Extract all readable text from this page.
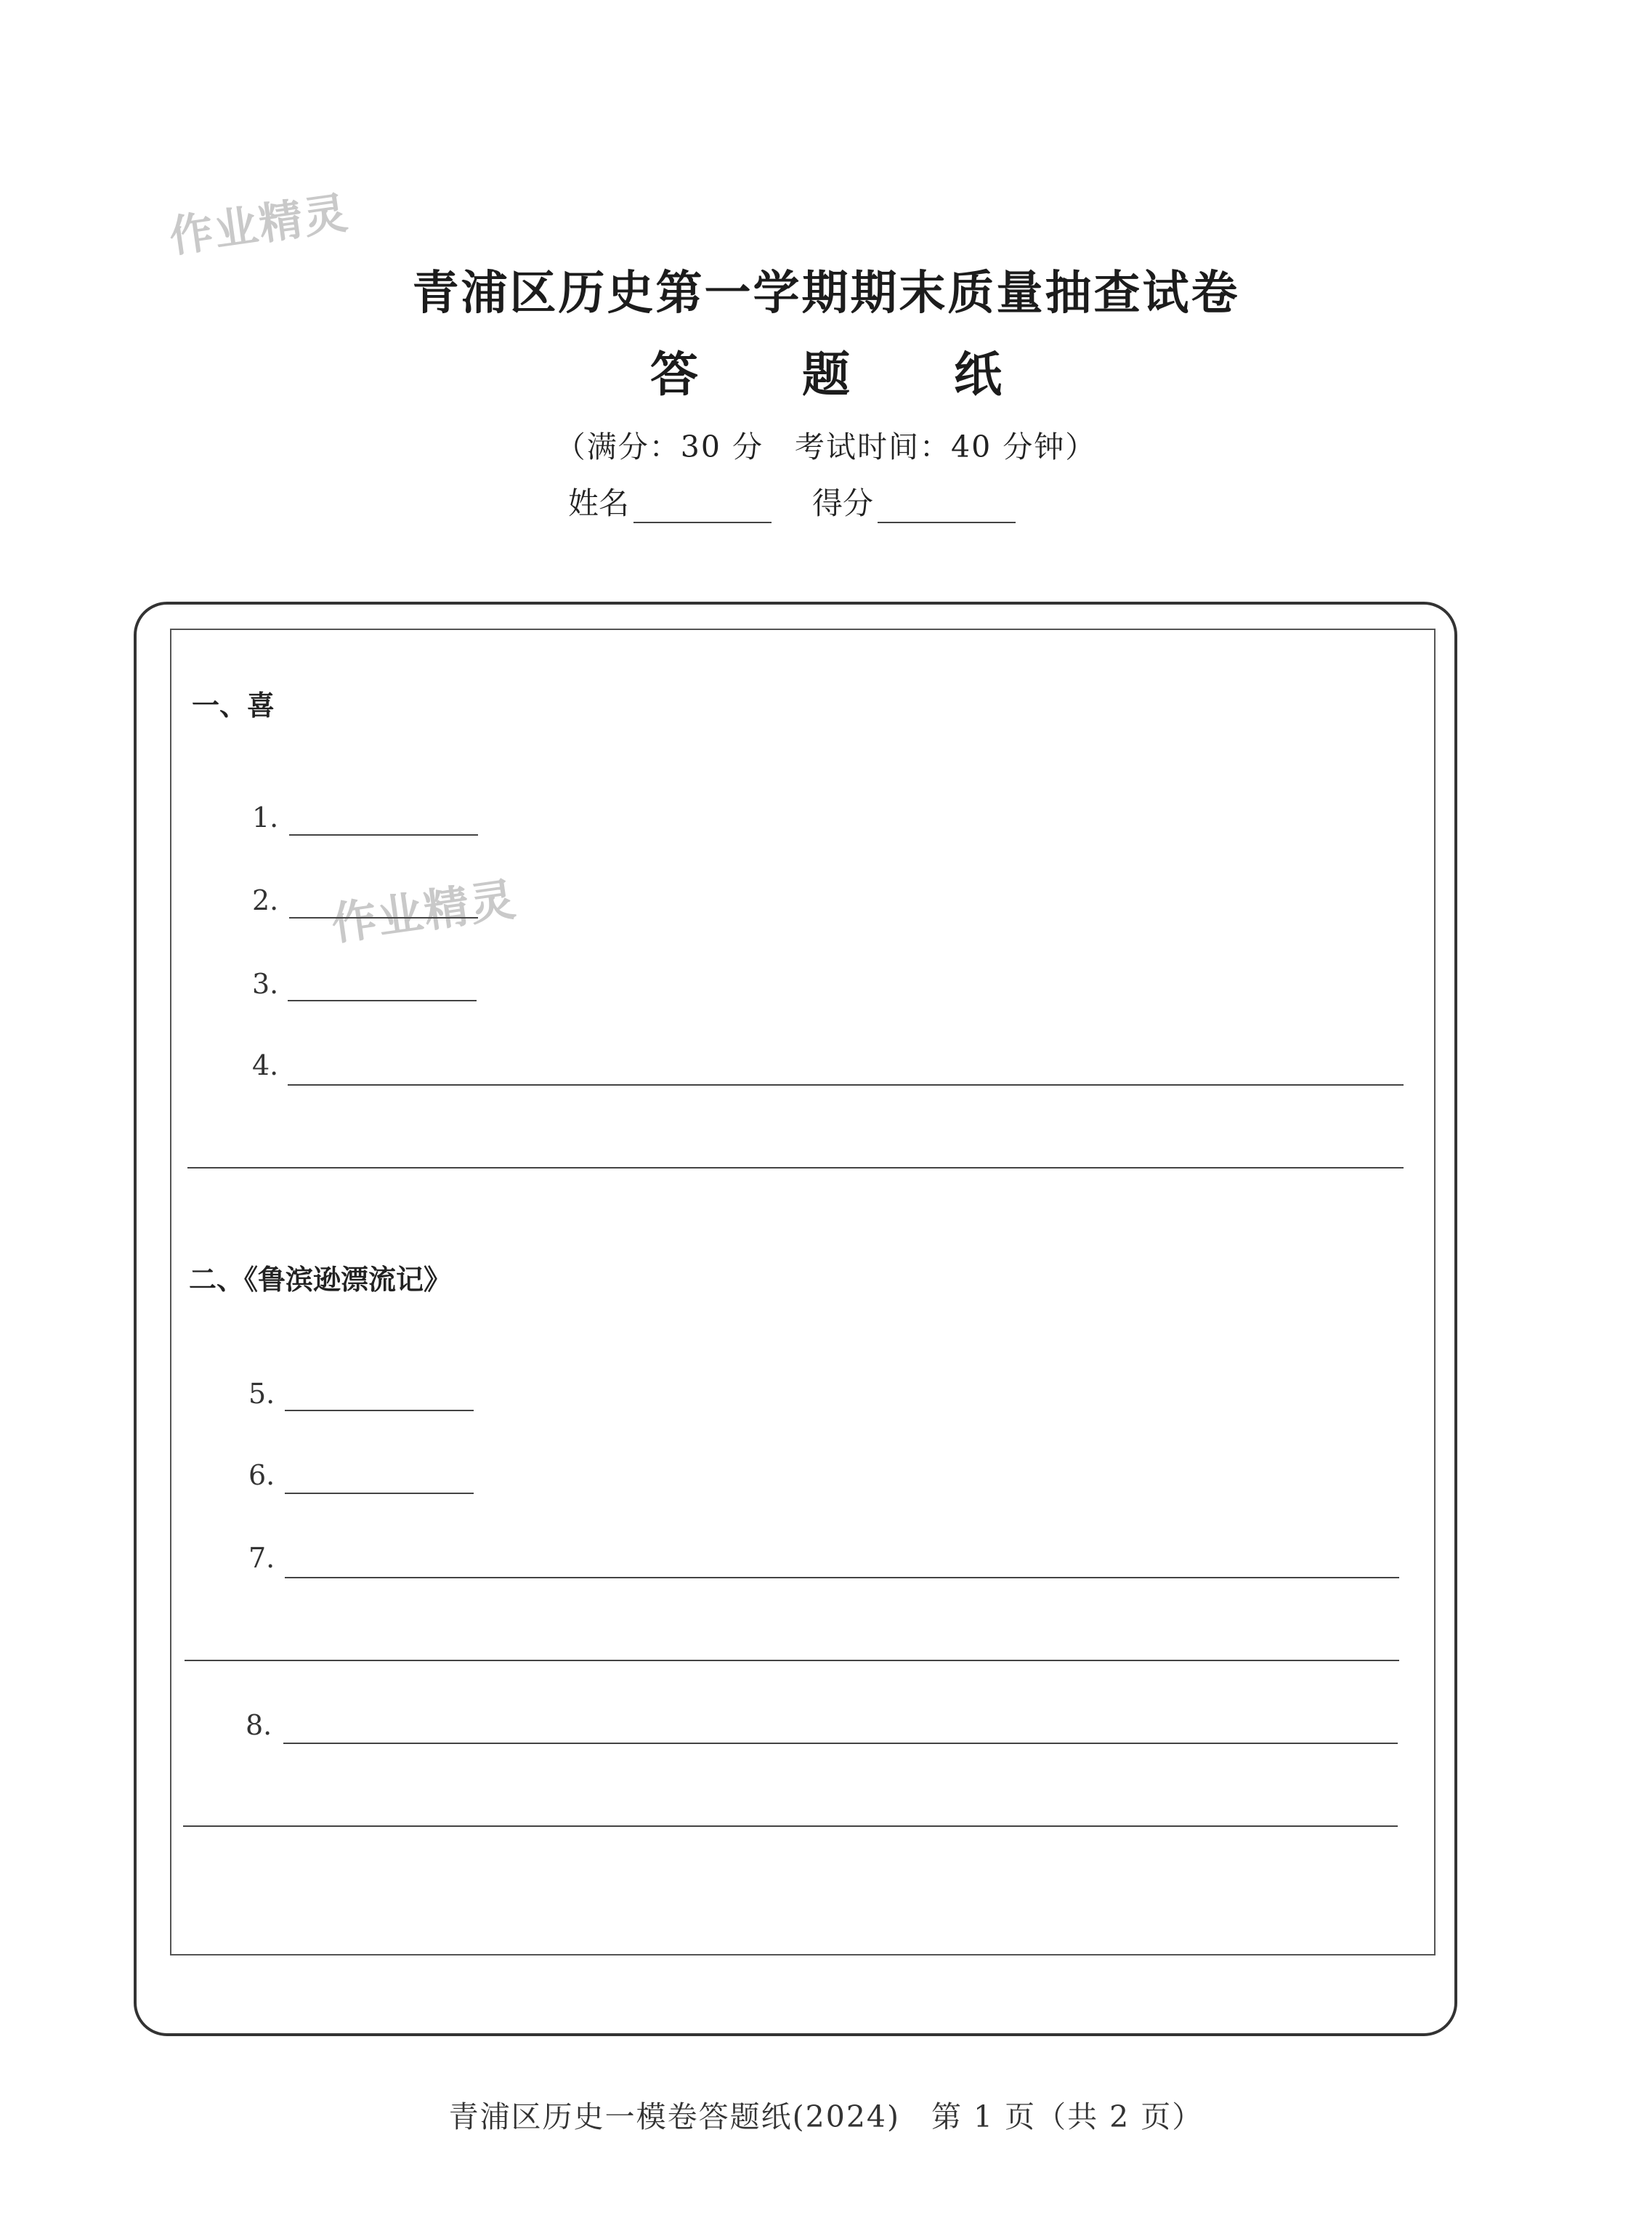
作业精灵
作业精灵
青浦区历史第一学期期末质量抽查试卷
答 题 纸
（满分：30 分　考试时间：40 分钟）
姓名	得分
一、喜
1.
2.
3.
4.
二、《鲁滨逊漂流记》
5.
6.
7.
8.
青浦区历史一模卷答题纸(2024)　第 1 页（共 2 页）
